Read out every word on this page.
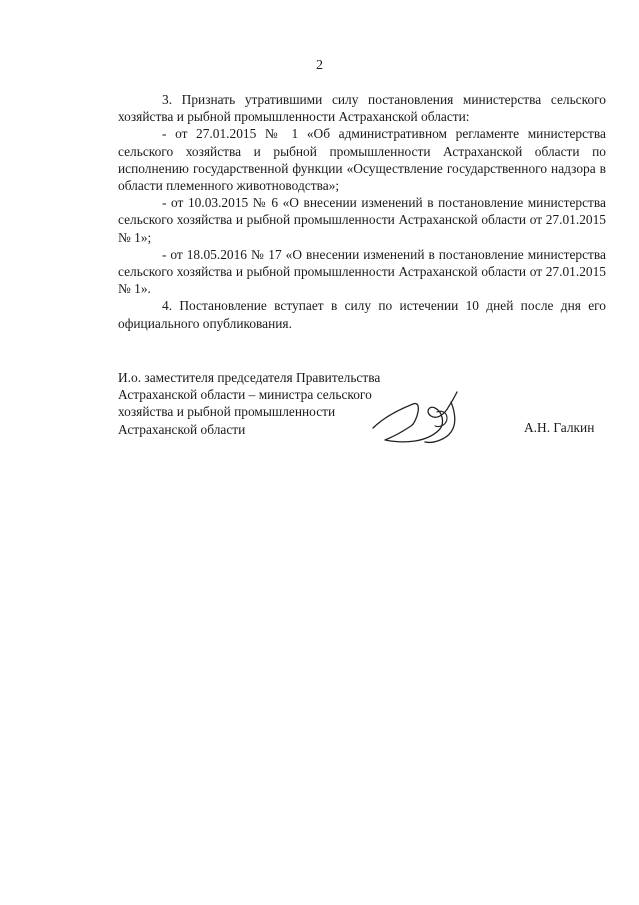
2

3. Признать утратившими силу постановления министерства сельского хозяйства и рыбной промышленности Астраханской области:

- от 27.01.2015 № 1 «Об административном регламенте министерства сельского хозяйства и рыбной промышленности Астраханской области по исполнению государственной функции «Осуществление государственного надзора в области племенного животноводства»;

- от 10.03.2015 № 6 «О внесении изменений в постановление министерства сельского хозяйства и рыбной промышленности Астраханской области от 27.01.2015 № 1»;

- от 18.05.2016 № 17 «О внесении изменений в постановление министерства сельского хозяйства и рыбной промышленности Астраханской области от 27.01.2015 № 1».

4. Постановление вступает в силу по истечении 10 дней после дня его официального опубликования.

И.о. заместителя председателя Правительства
Астраханской области – министра сельского
хозяйства и рыбной промышленности
Астраханской области	А.Н. Галкин
